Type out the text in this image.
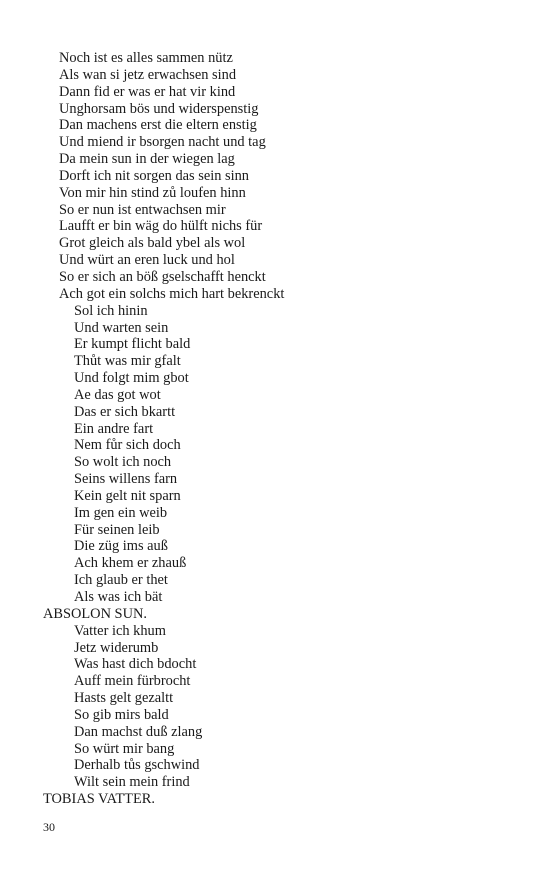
Noch ist es alles sammen nütz
Als wan si jetz erwachsen sind
Dann fid er was er hat vir kind
Unghorsam bös und widerspenstig
Dan machens erst die eltern enstig
Und miend ir bsorgen nacht und tag
Da mein sun in der wiegen lag
Dorft ich nit sorgen das sein sinn
Von mir hin stind zů loufen hinn
So er nun ist entwachsen mir
Laufft er bin wäg do hülft nichs für
Grot gleich als bald ybel als wol
Und würt an eren luck und hol
So er sich an böß gselschafft henckt
Ach got ein solchs mich hart bekrenckt
Sol ich hinin
Und warten sein
Er kumpt flicht bald
Thůt was mir gfalt
Und folgt mim gbot
Ae das got wot
Das er sich bkartt
Ein andre fart
Nem fůr sich doch
So wolt ich noch
Seins willens farn
Kein gelt nit sparn
Im gen ein weib
Für seinen leib
Die züg ims auß
Ach khem er zhauß
Ich glaub er thet
Als was ich bät
ABSOLON SUN.
Vatter ich khum
Jetz widerumb
Was hast dich bdocht
Auff mein fürbrocht
Hasts gelt gezaltt
So gib mirs bald
Dan machst duß zlang
So würt mir bang
Derhalb tůs gschwind
Wilt sein mein frind
TOBIAS VATTER.
30
